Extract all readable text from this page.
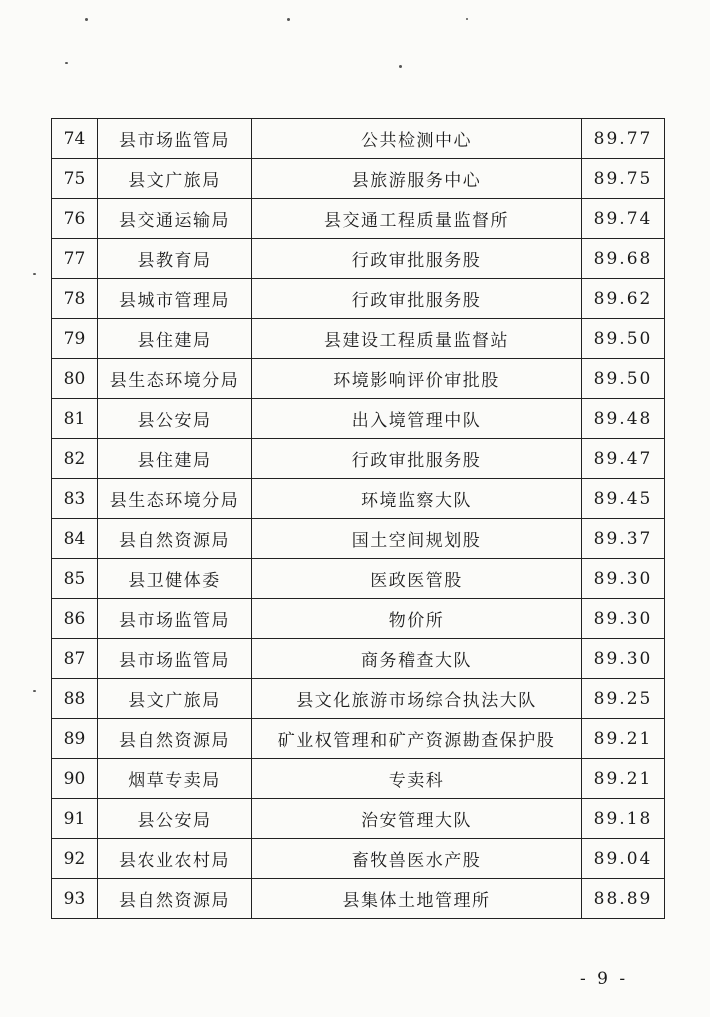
74	县市场监管局	公共检测中心	89.77
75	县文广旅局	县旅游服务中心	89.75
76	县交通运输局	县交通工程质量监督所	89.74
77	县教育局	行政审批服务股	89.68
78	县城市管理局	行政审批服务股	89.62
79	县住建局	县建设工程质量监督站	89.50
80	县生态环境分局	环境影响评价审批股	89.50
81	县公安局	出入境管理中队	89.48
82	县住建局	行政审批服务股	89.47
83	县生态环境分局	环境监察大队	89.45
84	县自然资源局	国土空间规划股	89.37
85	县卫健体委	医政医管股	89.30
86	县市场监管局	物价所	89.30
87	县市场监管局	商务稽查大队	89.30
88	县文广旅局	县文化旅游市场综合执法大队	89.25
89	县自然资源局	矿业权管理和矿产资源勘查保护股	89.21
90	烟草专卖局	专卖科	89.21
91	县公安局	治安管理大队	89.18
92	县农业农村局	畜牧兽医水产股	89.04
93	县自然资源局	县集体土地管理所	88.89
- 9 -
